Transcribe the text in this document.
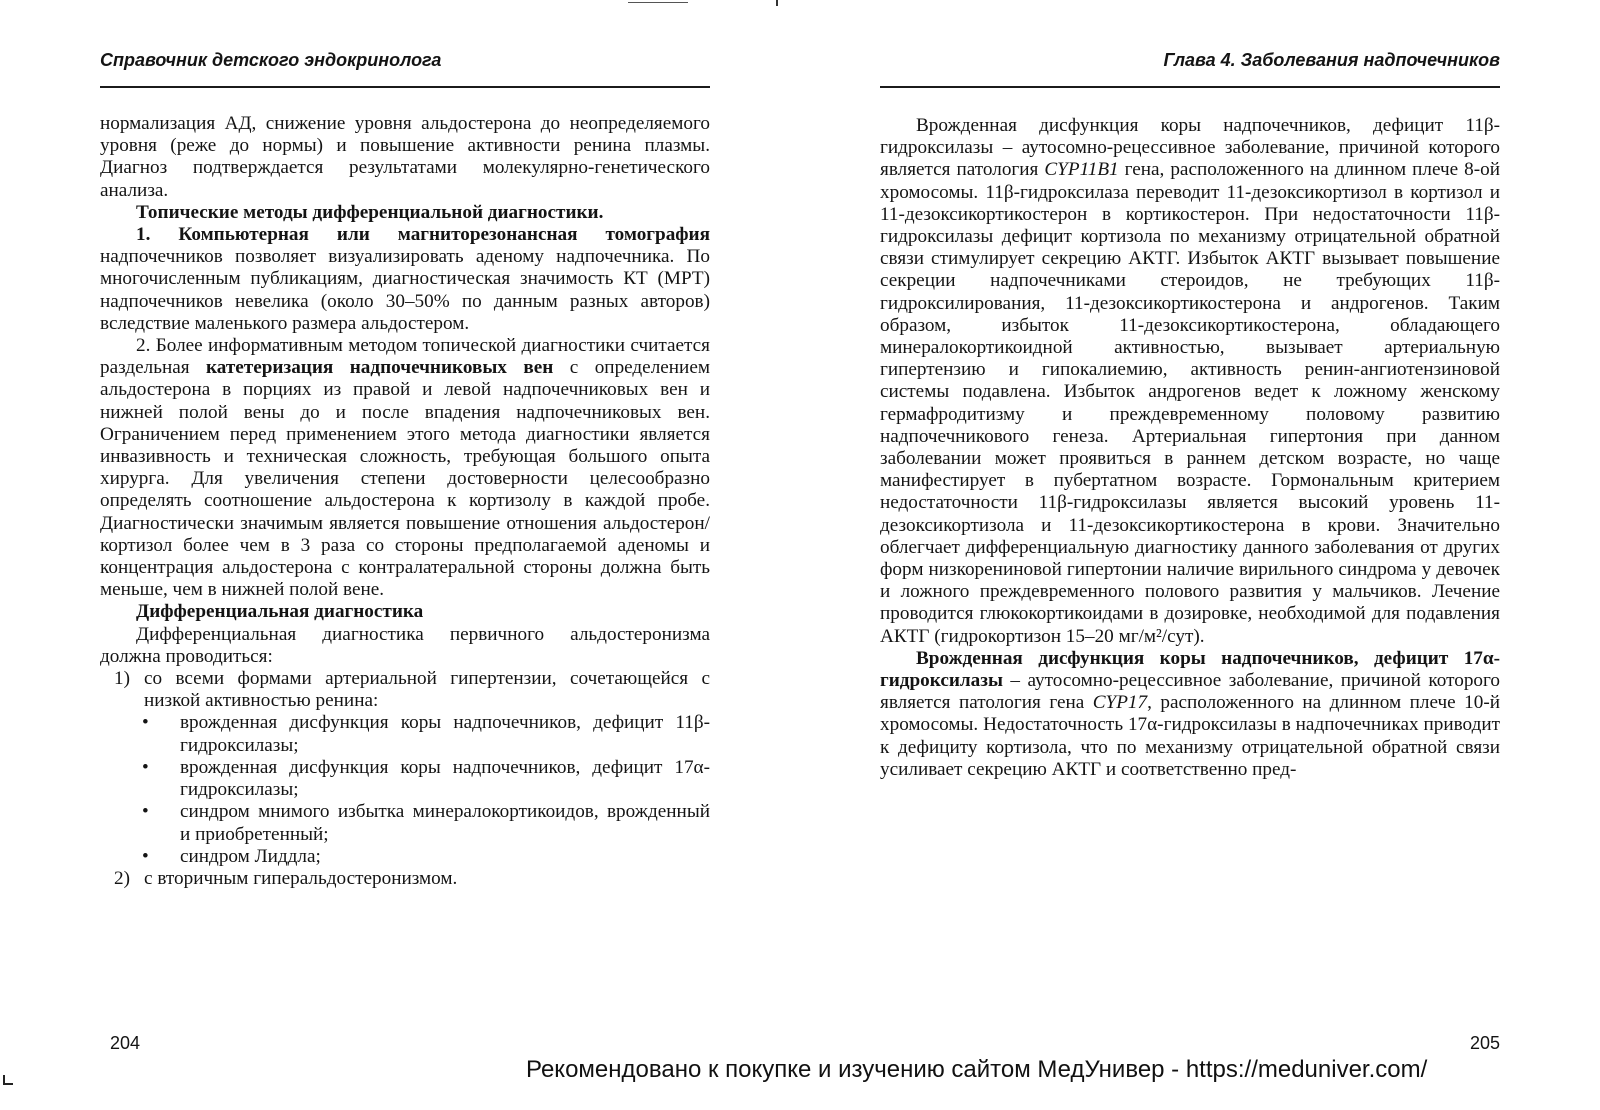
Справочник детского эндокринолога

нормализация АД, снижение уровня альдостерона до неопределяемого уровня (реже до нормы) и повышение активности ренина плазмы. Диагноз подтверждается результатами молекулярно-генетического анализа.

Топические методы дифференциальной диагностики.

1. Компьютерная или магниторезонансная томография надпочечников позволяет визуализировать аденому надпочечника. По многочисленным публикациям, диагностическая значимость КТ (МРТ) надпочечников невелика (около 30–50% по данным разных авторов) вследствие маленького размера альдостером.

2. Более информативным методом топической диагностики считается раздельная катетеризация надпочечниковых вен с определением альдостерона в порциях из правой и левой надпочечниковых вен и нижней полой вены до и после впадения надпочечниковых вен. Ограничением перед применением этого метода диагностики является инвазивность и техническая сложность, требующая большого опыта хирурга. Для увеличения степени достоверности целесообразно определять соотношение альдостерона к кортизолу в каждой пробе. Диагностически значимым является повышение отношения альдостерон/кортизол более чем в 3 раза со стороны предполагаемой аденомы и концентрация альдостерона с контралатеральной стороны должна быть меньше, чем в нижней полой вене.

Дифференциальная диагностика

Дифференциальная диагностика первичного альдостеронизма должна проводиться:

1) со всеми формами артериальной гипертензии, сочетающейся с низкой активностью ренина:

• врожденная дисфункция коры надпочечников, дефицит 11β-гидроксилазы;
• врожденная дисфункция коры надпочечников, дефицит 17α-гидроксилазы;
• синдром мнимого избытка минералокортикоидов, врожденный и приобретенный;
• синдром Лиддла;

2) с вторичным гиперальдостеронизмом.

204
Глава 4. Заболевания надпочечников

Врожденная дисфункция коры надпочечников, дефицит 11β-гидроксилазы – аутосомно-рецессивное заболевание, причиной которого является патология CYP11B1 гена, расположенного на длинном плече 8-ой хромосомы. 11β-гидроксилаза переводит 11-дезоксикортизол в кортизол и 11-дезоксикортикостерон в кортикостерон. При недостаточности 11β-гидроксилазы дефицит кортизола по механизму отрицательной обратной связи стимулирует секрецию АКТГ. Избыток АКТГ вызывает повышение секреции надпочечниками стероидов, не требующих 11β-гидроксилирования, 11-дезоксикортикостерона и андрогенов. Таким образом, избыток 11-дезоксикортикостерона, обладающего минералокортикоидной активностью, вызывает артериальную гипертензию и гипокалиемию, активность ренин-ангиотензиновой системы подавлена. Избыток андрогенов ведет к ложному женскому гермафродитизму и преждевременному половому развитию надпочечникового генеза. Артериальная гипертония при данном заболевании может проявиться в раннем детском возрасте, но чаще манифестирует в пубертатном возрасте. Гормональным критерием недостаточности 11β-гидроксилазы является высокий уровень 11-дезоксикортизола и 11-дезоксикортикостерона в крови. Значительно облегчает дифференциальную диагностику данного заболевания от других форм низкорениновой гипертонии наличие вирильного синдрома у девочек и ложного преждевременного полового развития у мальчиков. Лечение проводится глюкокортикоидами в дозировке, необходимой для подавления АКТГ (гидрокортизон 15–20 мг/м²/сут).

Врожденная дисфункция коры надпочечников, дефицит 17α-гидроксилазы – аутосомно-рецессивное заболевание, причиной которого является патология гена CYP17, расположенного на длинном плече 10-й хромосомы. Недостаточность 17α-гидроксилазы в надпочечниках приводит к дефициту кортизола, что по механизму отрицательной обратной связи усиливает секрецию АКТГ и соответственно пред-

205
Рекомендовано к покупке и изучению сайтом МедУнивер - https://meduniver.com/
